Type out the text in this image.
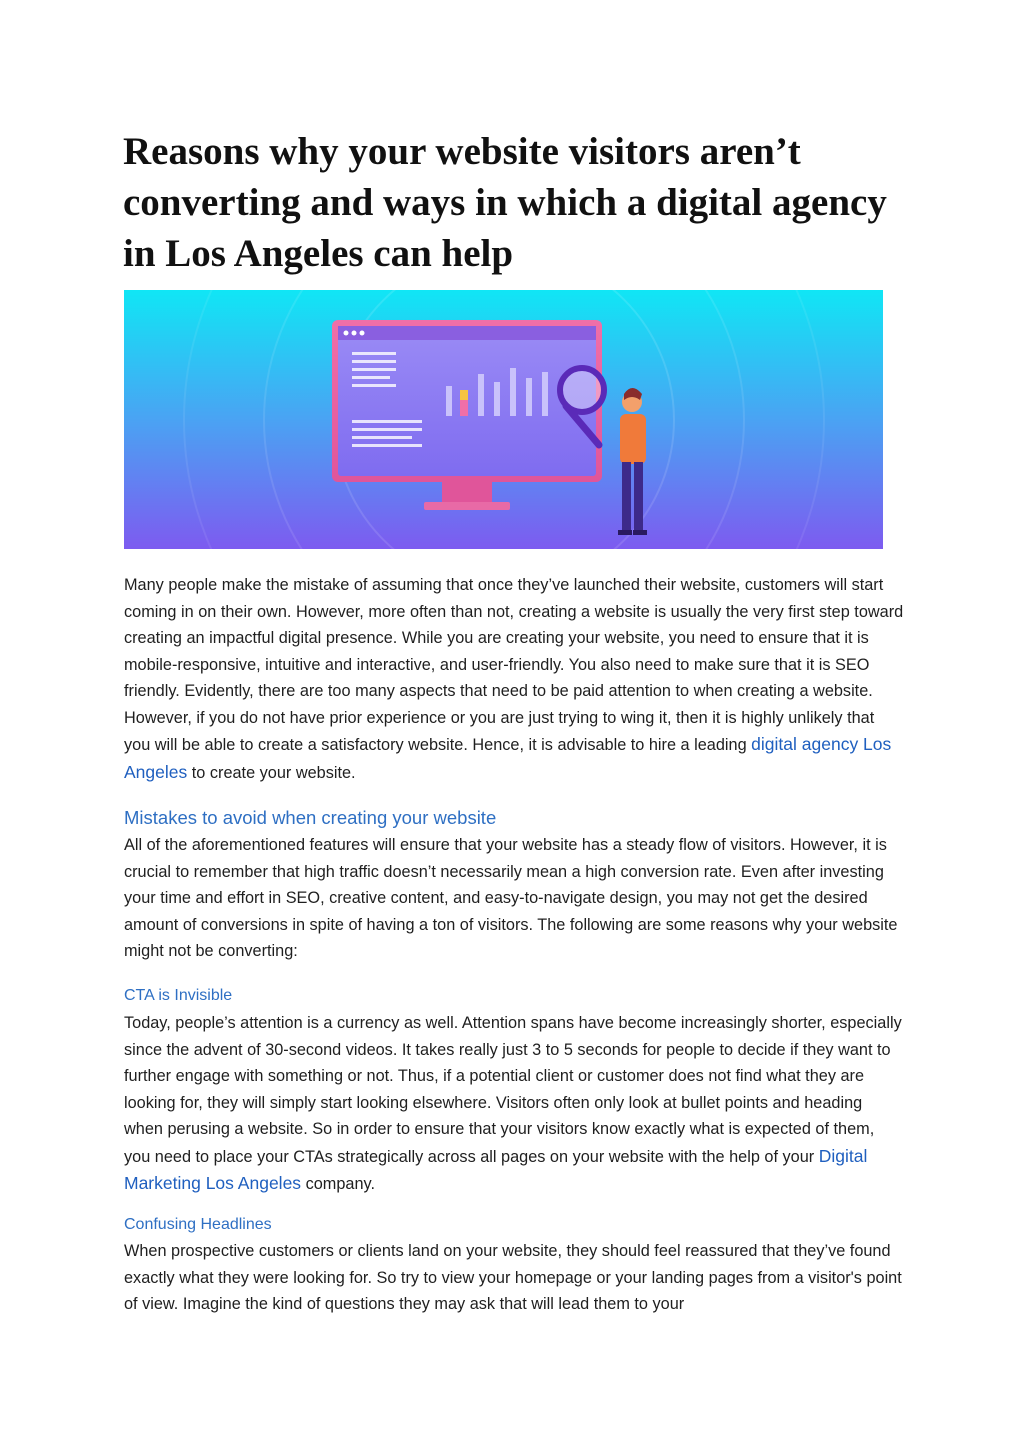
Reasons why your website visitors aren’t converting and ways in which a digital agency in Los Angeles can help

Many people make the mistake of assuming that once they’ve launched their website, customers will start coming in on their own. However, more often than not, creating a website is usually the very first step toward creating an impactful digital presence. While you are creating your website, you need to ensure that it is mobile-responsive, intuitive and interactive, and user-friendly. You also need to make sure that it is SEO friendly. Evidently, there are too many aspects that need to be paid attention to when creating a website. However, if you do not have prior experience or you are just trying to wing it, then it is highly unlikely that you will be able to create a satisfactory website. Hence, it is advisable to hire a leading digital agency Los Angeles to create your website.

Mistakes to avoid when creating your website

All of the aforementioned features will ensure that your website has a steady flow of visitors. However, it is crucial to remember that high traffic doesn’t necessarily mean a high conversion rate. Even after investing your time and effort in SEO, creative content, and easy-to-navigate design, you may not get the desired amount of conversions in spite of having a ton of visitors. The following are some reasons why your website might not be converting:

CTA is Invisible

Today, people’s attention is a currency as well. Attention spans have become increasingly shorter, especially since the advent of 30-second videos. It takes really just 3 to 5 seconds for people to decide if they want to further engage with something or not. Thus, if a potential client or customer does not find what they are looking for, they will simply start looking elsewhere. Visitors often only look at bullet points and heading when perusing a website. So in order to ensure that your visitors know exactly what is expected of them, you need to place your CTAs strategically across all pages on your website with the help of your Digital Marketing Los Angeles company.

Confusing Headlines

When prospective customers or clients land on your website, they should feel reassured that they’ve found exactly what they were looking for. So try to view your homepage or your landing pages from a visitor's point of view. Imagine the kind of questions they may ask that will lead them to your
